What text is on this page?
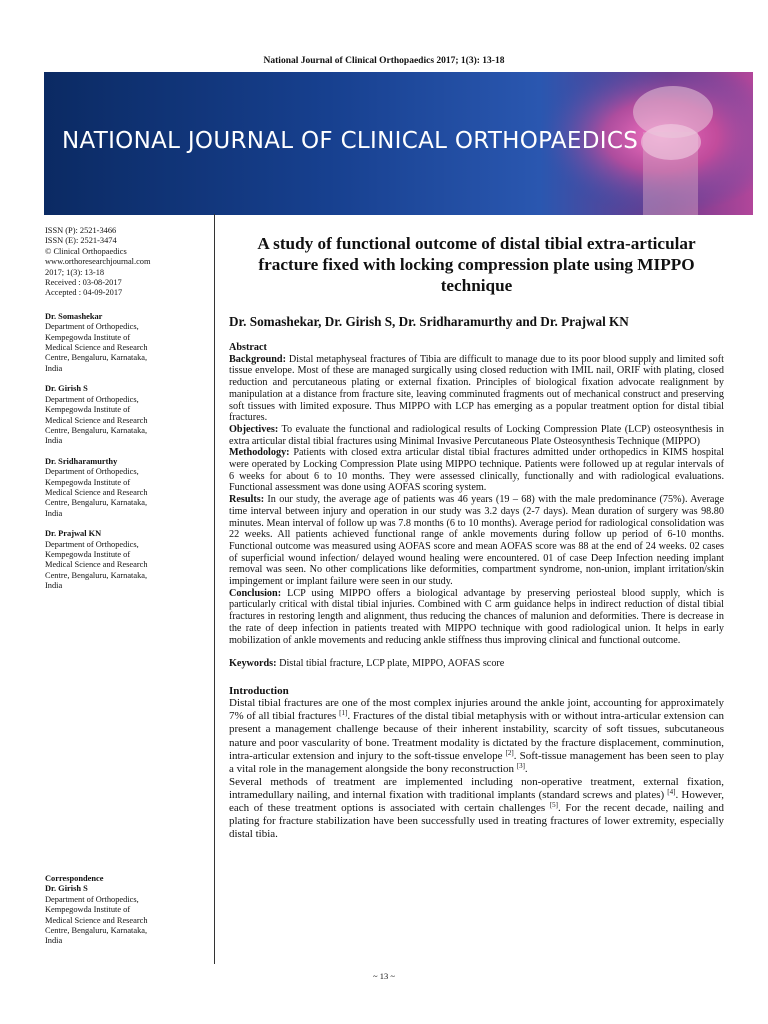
National Journal of Clinical Orthopaedics 2017; 1(3): 13-18
NATIONAL JOURNAL OF CLINICAL ORTHOPAEDICS
ISSN (P): 2521-3466
ISSN (E): 2521-3474
© Clinical Orthopaedics
www.orthoresearchjournal.com
2017; 1(3): 13-18
Received : 03-08-2017
Accepted : 04-09-2017
Dr. Somashekar
Department of Orthopedics,
Kempegowda Institute of
Medical Science and Research
Centre, Bengaluru, Karnataka,
India
Dr. Girish S
Department of Orthopedics,
Kempegowda Institute of
Medical Science and Research
Centre, Bengaluru, Karnataka,
India
Dr. Sridharamurthy
Department of Orthopedics,
Kempegowda Institute of
Medical Science and Research
Centre, Bengaluru, Karnataka,
India
Dr. Prajwal KN
Department of Orthopedics,
Kempegowda Institute of
Medical Science and Research
Centre, Bengaluru, Karnataka,
India
Correspondence
Dr. Girish S
Department of Orthopedics,
Kempegowda Institute of
Medical Science and Research
Centre, Bengaluru, Karnataka,
India
A study of functional outcome of distal tibial extra-articular fracture fixed with locking compression plate using MIPPO technique
Dr. Somashekar, Dr. Girish S, Dr. Sridharamurthy and Dr. Prajwal KN
Abstract
Background: Distal metaphyseal fractures of Tibia are difficult to manage due to its poor blood supply and limited soft tissue envelope. Most of these are managed surgically using closed reduction with IMIL nail, ORIF with plating, closed reduction and percutaneous plating or external fixation. Principles of biological fixation advocate realignment by manipulation at a distance from fracture site, leaving comminuted fragments out of mechanical construct and preserving soft tissues with limited exposure. Thus MIPPO with LCP has emerging as a popular treatment option for distal tibial fractures.
Objectives: To evaluate the functional and radiological results of Locking Compression Plate (LCP) osteosynthesis in extra articular distal tibial fractures using Minimal Invasive Percutaneous Plate Osteosynthesis Technique (MIPPO)
Methodology: Patients with closed extra articular distal tibial fractures admitted under orthopedics in KIMS hospital were operated by Locking Compression Plate using MIPPO technique. Patients were followed up at regular intervals of 6 weeks for about 6 to 10 months. They were assessed clinically, functionally and with radiological evaluations. Functional assessment was done using AOFAS scoring system.
Results: In our study, the average age of patients was 46 years (19 – 68) with the male predominance (75%). Average time interval between injury and operation in our study was 3.2 days (2-7 days). Mean duration of surgery was 98.80 minutes. Mean interval of follow up was 7.8 months (6 to 10 months). Average period for radiological consolidation was 22 weeks. All patients achieved functional range of ankle movements during follow up period of 6-10 months. Functional outcome was measured using AOFAS score and mean AOFAS score was 88 at the end of 24 weeks. 02 cases of superficial wound infection/ delayed wound healing were encountered. 01 of case Deep Infection needing implant removal was seen. No other complications like deformities, compartment syndrome, non-union, implant irritation/skin impingement or implant failure were seen in our study.
Conclusion: LCP using MIPPO offers a biological advantage by preserving periosteal blood supply, which is particularly critical with distal tibial injuries. Combined with C arm guidance helps in indirect reduction of distal tibial fractures in restoring length and alignment, thus reducing the chances of malunion and deformities. There is decrease in the rate of deep infection in patients treated with MIPPO technique with good radiological union. It helps in early mobilization of ankle movements and reducing ankle stiffness thus improving clinical and functional outcome.
Keywords: Distal tibial fracture, LCP plate, MIPPO, AOFAS score
Introduction

Distal tibial fractures are one of the most complex injuries around the ankle joint, accounting for approximately 7% of all tibial fractures [1]. Fractures of the distal tibial metaphysis with or without intra-articular extension can present a management challenge because of their inherent instability, scarcity of soft tissues, subcutaneous nature and poor vascularity of bone. Treatment modality is dictated by the fracture displacement, comminution, intra-articular extension and injury to the soft-tissue envelope [2]. Soft-tissue management has been seen to play a vital role in the management alongside the bony reconstruction [3].

Several methods of treatment are implemented including non-operative treatment, external fixation, intramedullary nailing, and internal fixation with traditional implants (standard screws and plates) [4]. However, each of these treatment options is associated with certain challenges [5]. For the recent decade, nailing and plating for fracture stabilization have been successfully used in treating fractures of lower extremity, especially distal tibia.

~ 13 ~
